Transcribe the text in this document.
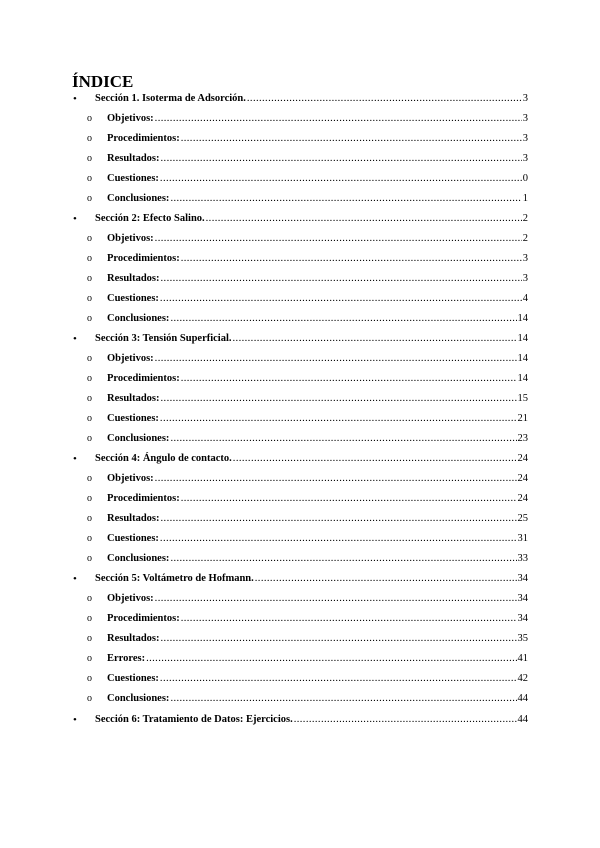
ÍNDICE
• Sección 1. Isoterma de Adsorción. .....	3
o Objetivos: .....	3
o Procedimientos: .....	3
o Resultados: .....	3
o Cuestiones: .....	0
o Conclusiones: .....	1
• Sección 2: Efecto Salino. .....	2
o Objetivos: .....	2
o Procedimientos: .....	3
o Resultados: .....	3
o Cuestiones: .....	4
o Conclusiones: .....	14
• Sección 3: Tensión Superficial. .....	14
o Objetivos: .....	14
o Procedimientos: .....	14
o Resultados: .....	15
o Cuestiones: .....	21
o Conclusiones: .....	23
• Sección 4: Ángulo de contacto. .....	24
o Objetivos: .....	24
o Procedimientos: .....	24
o Resultados: .....	25
o Cuestiones: .....	31
o Conclusiones: .....	33
• Sección 5: Voltámetro de Hofmann. .....	34
o Objetivos: .....	34
o Procedimientos: .....	34
o Resultados: .....	35
o Errores: .....	41
o Cuestiones: .....	42
o Conclusiones: .....	44
• Sección 6: Tratamiento de Datos: Ejercicios. .....	44
